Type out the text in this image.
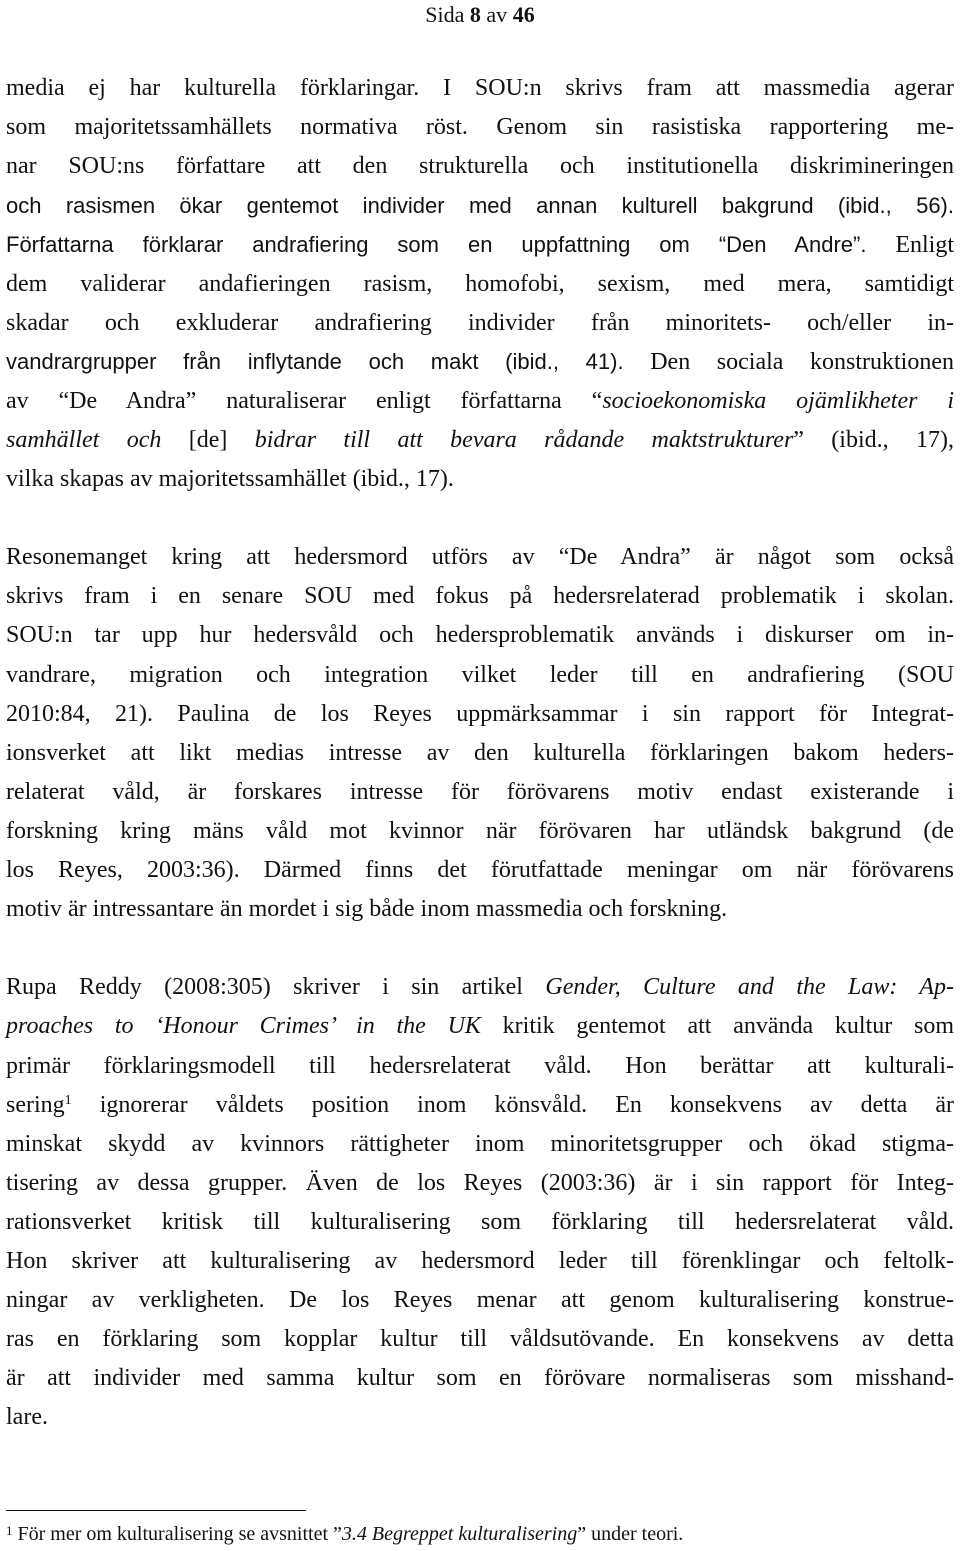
Sida 8 av 46
media ej har kulturella förklaringar. I SOU:n skrivs fram att massmedia agerar
som majoritetssamhällets normativa röst. Genom sin rasistiska rapportering me-
nar SOU:ns författare att den strukturella och institutionella diskrimineringen
och rasismen ökar gentemot individer med annan kulturell bakgrund (ibid., 56).
Författarna förklarar andrafiering som en uppfattning om “Den Andre”. Enligt
dem validerar andafieringen rasism, homofobi, sexism, med mera, samtidigt
skadar och exkluderar andrafiering individer från minoritets- och/eller in-
vandrargrupper från inflytande och makt (ibid., 41). Den sociala konstruktionen
av “De Andra” naturaliserar enligt författarna “socioekonomiska ojämlikheter i
samhället och [de] bidrar till att bevara rådande maktstrukturer” (ibid., 17),
vilka skapas av majoritetssamhället (ibid., 17).
Resonemanget kring att hedersmord utförs av “De Andra” är något som också
skrivs fram i en senare SOU med fokus på hedersrelaterad problematik i skolan.
SOU:n tar upp hur hedersvåld och hedersproblematik används i diskurser om in-
vandrare, migration och integration vilket leder till en andrafiering (SOU
2010:84, 21). Paulina de los Reyes uppmärksammar i sin rapport för Integrat-
ionsverket att likt medias intresse av den kulturella förklaringen bakom heders-
relaterat våld, är forskares intresse för förövarens motiv endast existerande i
forskning kring mäns våld mot kvinnor när förövaren har utländsk bakgrund (de
los Reyes, 2003:36). Därmed finns det förutfattade meningar om när förövarens
motiv är intressantare än mordet i sig både inom massmedia och forskning.
Rupa Reddy (2008:305) skriver i sin artikel Gender, Culture and the Law: Ap-
proaches to ‘Honour Crimes’ in the UK kritik gentemot att använda kultur som
primär förklaringsmodell till hedersrelaterat våld. Hon berättar att kulturali-
sering$^1$ ignorerar våldets position inom könsvåld. En konsekvens av detta är
minskat skydd av kvinnors rättigheter inom minoritetsgrupper och ökad stigma-
tisering av dessa grupper. Även de los Reyes (2003:36) är i sin rapport för Integ-
rationsverket kritisk till kulturalisering som förklaring till hedersrelaterat våld.
Hon skriver att kulturalisering av hedersmord leder till förenklingar och feltolk-
ningar av verkligheten. De los Reyes menar att genom kulturalisering konstrue-
ras en förklaring som kopplar kultur till våldsutövande. En konsekvens av detta
är att individer med samma kultur som en förövare normaliseras som misshand-
lare.
$^1$ För mer om kulturalisering se avsnittet ”3.4 Begreppet kulturalisering” under teori.
